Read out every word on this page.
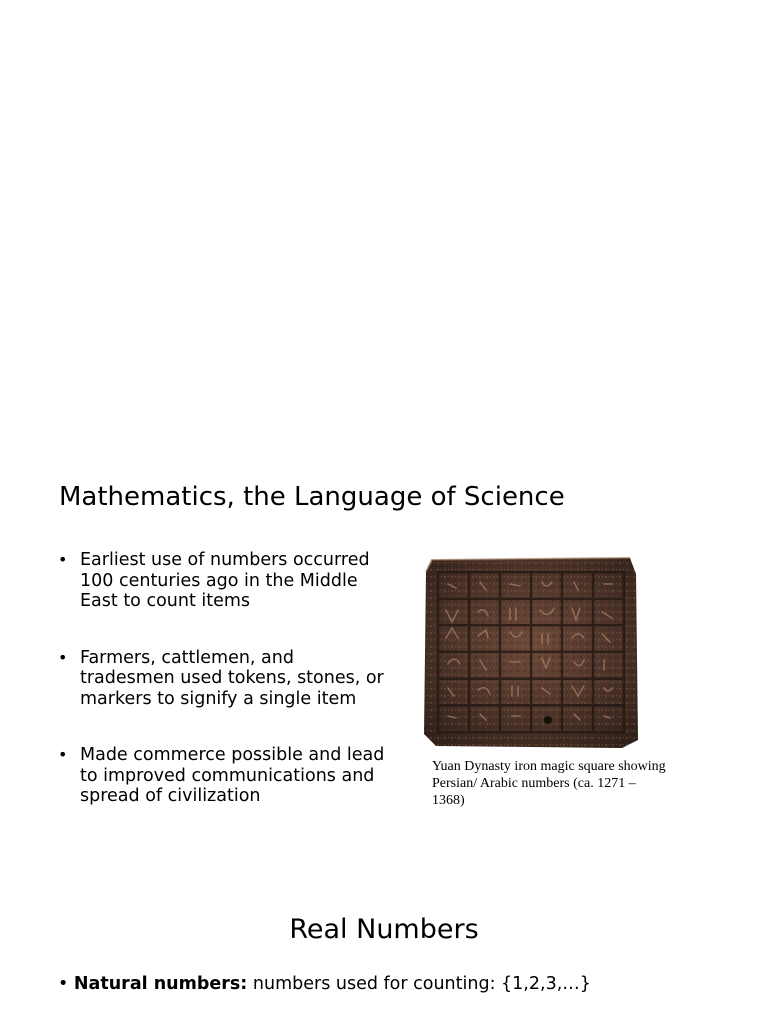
Mathematics, the Language of Science
• Earliest use of numbers occurred 100 centuries ago in the Middle East to count items
• Farmers, cattlemen, and tradesmen used tokens, stones, or markers to signify a single item
• Made commerce possible and lead to improved communications and spread of civilization
Yuan Dynasty iron magic square showing Persian/ Arabic numbers (ca. 1271 – 1368)
Real Numbers
• Natural numbers: numbers used for counting: {1,2,3,…}
